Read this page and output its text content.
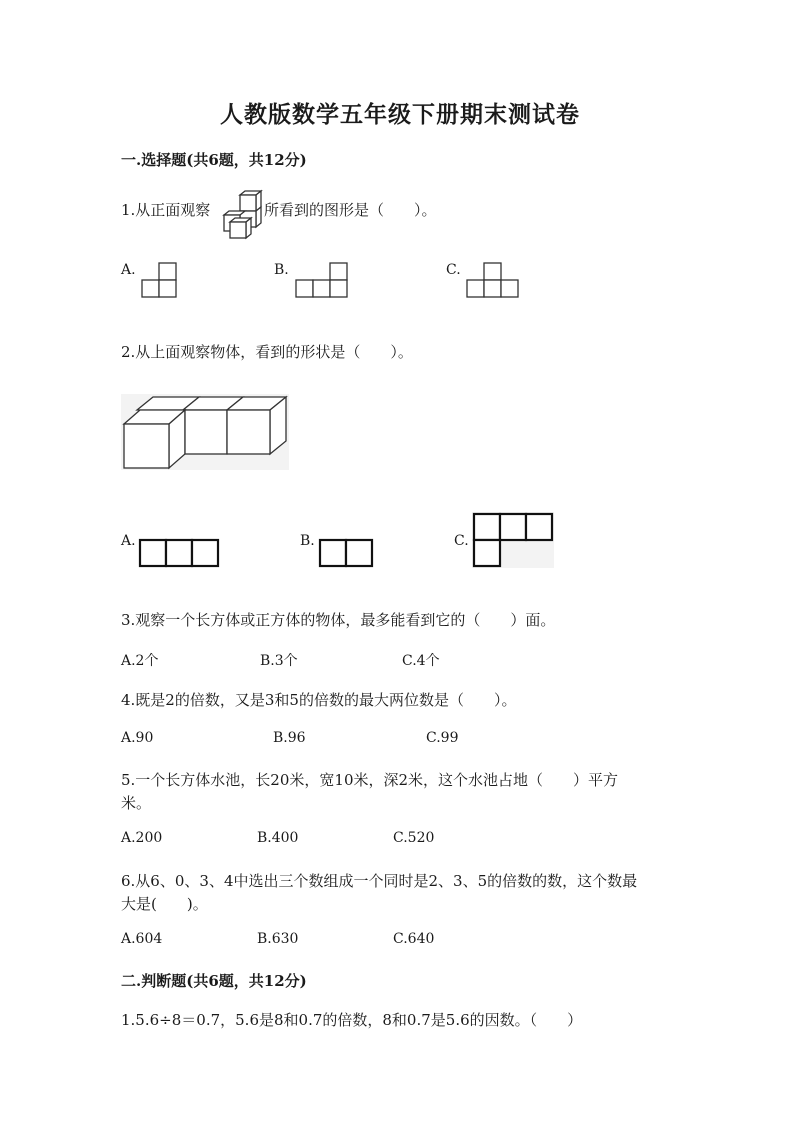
人教版数学五年级下册期末测试卷
一.选择题(共6题，共12分)
1.从正面观察	所看到的图形是（　　）。
A.	B.	C.
2.从上面观察物体，看到的形状是（　　）。
A.	B.	C.
3.观察一个长方体或正方体的物体，最多能看到它的（　　）面。
A.2个	B.3个	C.4个
4.既是2的倍数，又是3和5的倍数的最大两位数是（　　）。
A.90	B.96	C.99
5.一个长方体水池，长20米，宽10米，深2米，这个水池占地（　　）平方
米。
A.200	B.400	C.520
6.从6、0、3、4中选出三个数组成一个同时是2、3、5的倍数的数，这个数最
大是(　　)。
A.604	B.630	C.640
二.判断题(共6题，共12分)
1.5.6÷8＝0.7，5.6是8和0.7的倍数，8和0.7是5.6的因数。（　　）
